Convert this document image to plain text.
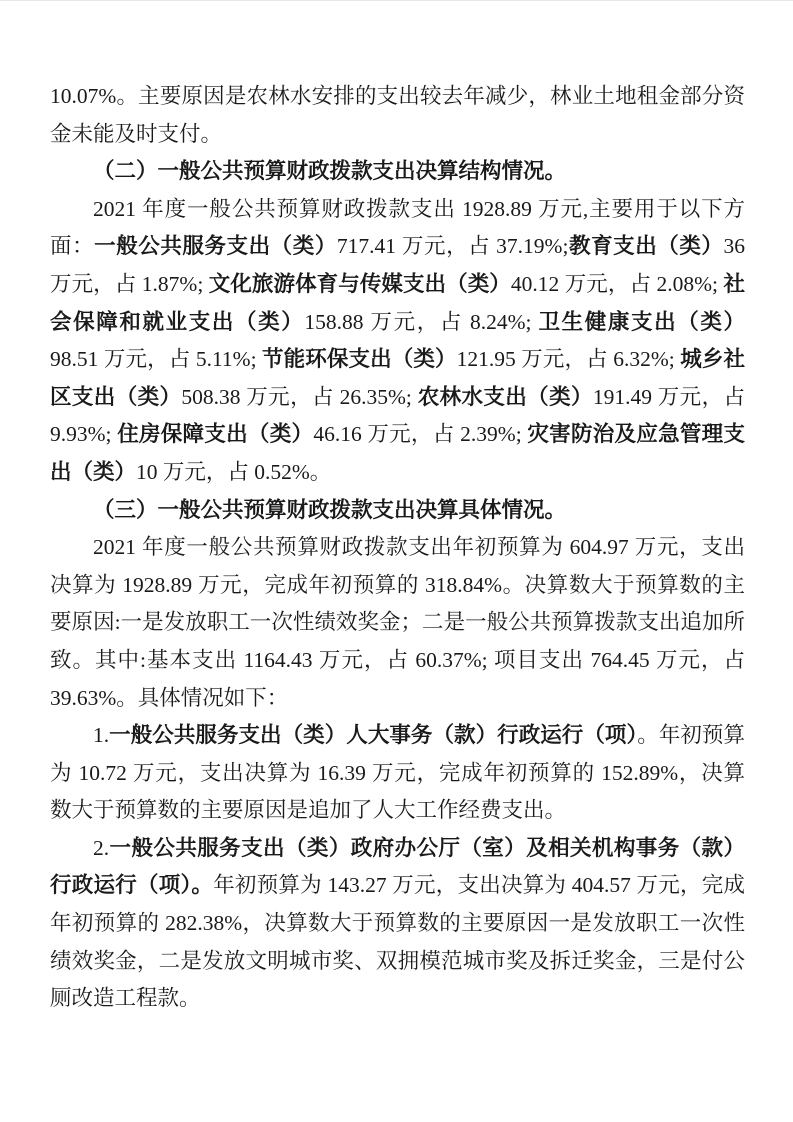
10.07%。主要原因是农林水安排的支出较去年减少，林业土地租金部分资金未能及时支付。

（二）一般公共预算财政拨款支出决算结构情况。

2021 年度一般公共预算财政拨款支出 1928.89 万元,主要用于以下方面：一般公共服务支出（类）717.41 万元，占 37.19%;教育支出（类）36 万元，占 1.87%; 文化旅游体育与传媒支出（类）40.12 万元，占 2.08%; 社会保障和就业支出（类）158.88 万元，占 8.24%; 卫生健康支出（类）98.51 万元，占 5.11%; 节能环保支出（类）121.95 万元，占 6.32%; 城乡社区支出（类）508.38 万元，占 26.35%; 农林水支出（类）191.49 万元，占 9.93%; 住房保障支出（类）46.16 万元，占 2.39%; 灾害防治及应急管理支出（类）10 万元，占 0.52%。

（三）一般公共预算财政拨款支出决算具体情况。

2021 年度一般公共预算财政拨款支出年初预算为 604.97 万元，支出决算为 1928.89 万元，完成年初预算的 318.84%。决算数大于预算数的主要原因:一是发放职工一次性绩效奖金；二是一般公共预算拨款支出追加所致。其中:基本支出 1164.43 万元，占 60.37%; 项目支出 764.45 万元，占 39.63%。具体情况如下：

1.一般公共服务支出（类）人大事务（款）行政运行（项）。年初预算为 10.72 万元，支出决算为 16.39 万元，完成年初预算的 152.89%，决算数大于预算数的主要原因是追加了人大工作经费支出。

2.一般公共服务支出（类）政府办公厅（室）及相关机构事务（款）行政运行（项）。年初预算为 143.27 万元，支出决算为 404.57 万元，完成年初预算的 282.38%，决算数大于预算数的主要原因一是发放职工一次性绩效奖金，二是发放文明城市奖、双拥模范城市奖及拆迁奖金，三是付公厕改造工程款。
